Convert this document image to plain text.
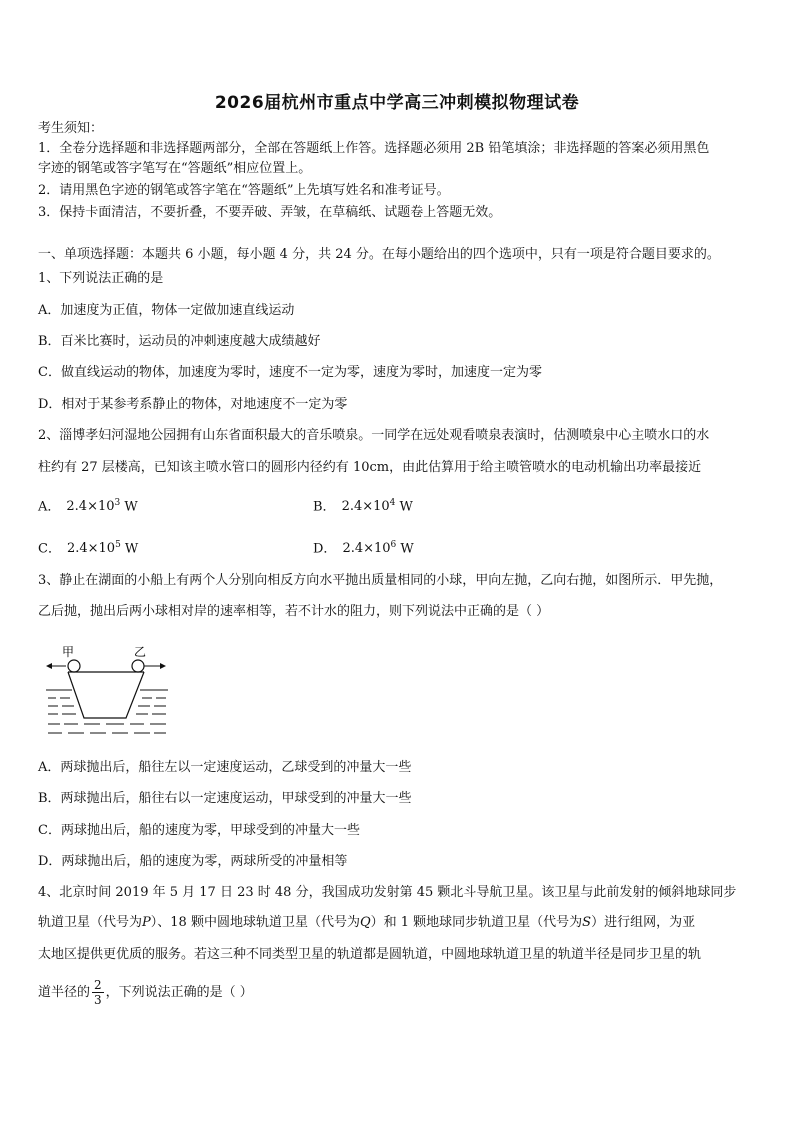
2026届杭州市重点中学高三冲刺模拟物理试卷
考生须知：
1．全卷分选择题和非选择题两部分，全部在答题纸上作答。选择题必须用 2B 铅笔填涂；非选择题的答案必须用黑色
字迹的钢笔或答字笔写在“答题纸”相应位置上。
2．请用黑色字迹的钢笔或答字笔在“答题纸”上先填写姓名和准考证号。
3．保持卡面清洁，不要折叠，不要弄破、弄皱，在草稿纸、试题卷上答题无效。
一、单项选择题：本题共 6 小题，每小题 4 分，共 24 分。在每小题给出的四个选项中，只有一项是符合题目要求的。
1、下列说法正确的是
A．加速度为正值，物体一定做加速直线运动
B．百米比赛时，运动员的冲刺速度越大成绩越好
C．做直线运动的物体，加速度为零时，速度不一定为零，速度为零时，加速度一定为零
D．相对于某参考系静止的物体，对地速度不一定为零
2、淄博孝妇河湿地公园拥有山东省面积最大的音乐喷泉。一同学在远处观看喷泉表演时，估测喷泉中心主喷水口的水
柱约有 27 层楼高，已知该主喷水管口的圆形内径约有 10cm，由此估算用于给主喷管喷水的电动机输出功率最接近
A． $2.4\times 10^3$ W	B． $2.4\times 10^4$ W
C． $2.4\times 10^5$ W	D． $2.4\times 10^6$ W
3、静止在湖面的小船上有两个人分别向相反方向水平抛出质量相同的小球，甲向左抛，乙向右抛，如图所示．甲先抛，
乙后抛，抛出后两小球相对岸的速率相等，若不计水的阻力，则下列说法中正确的是（ ）
甲	乙
A．两球抛出后，船往左以一定速度运动，乙球受到的冲量大一些
B．两球抛出后，船往右以一定速度运动，甲球受到的冲量大一些
C．两球抛出后，船的速度为零，甲球受到的冲量大一些
D．两球抛出后，船的速度为零，两球所受的冲量相等
4、北京时间 2019 年 5 月 17 日 23 时 48 分，我国成功发射第 45 颗北斗导航卫星。该卫星与此前发射的倾斜地球同步
轨道卫星（代号为P）、18 颗中圆地球轨道卫星（代号为Q）和 1 颗地球同步轨道卫星（代号为S）进行组网，为亚
太地区提供更优质的服务。若这三种不同类型卫星的轨道都是圆轨道，中圆地球轨道卫星的轨道半径是同步卫星的轨
道半径的 $\frac{2}{3}$ ，下列说法正确的是（ ）
